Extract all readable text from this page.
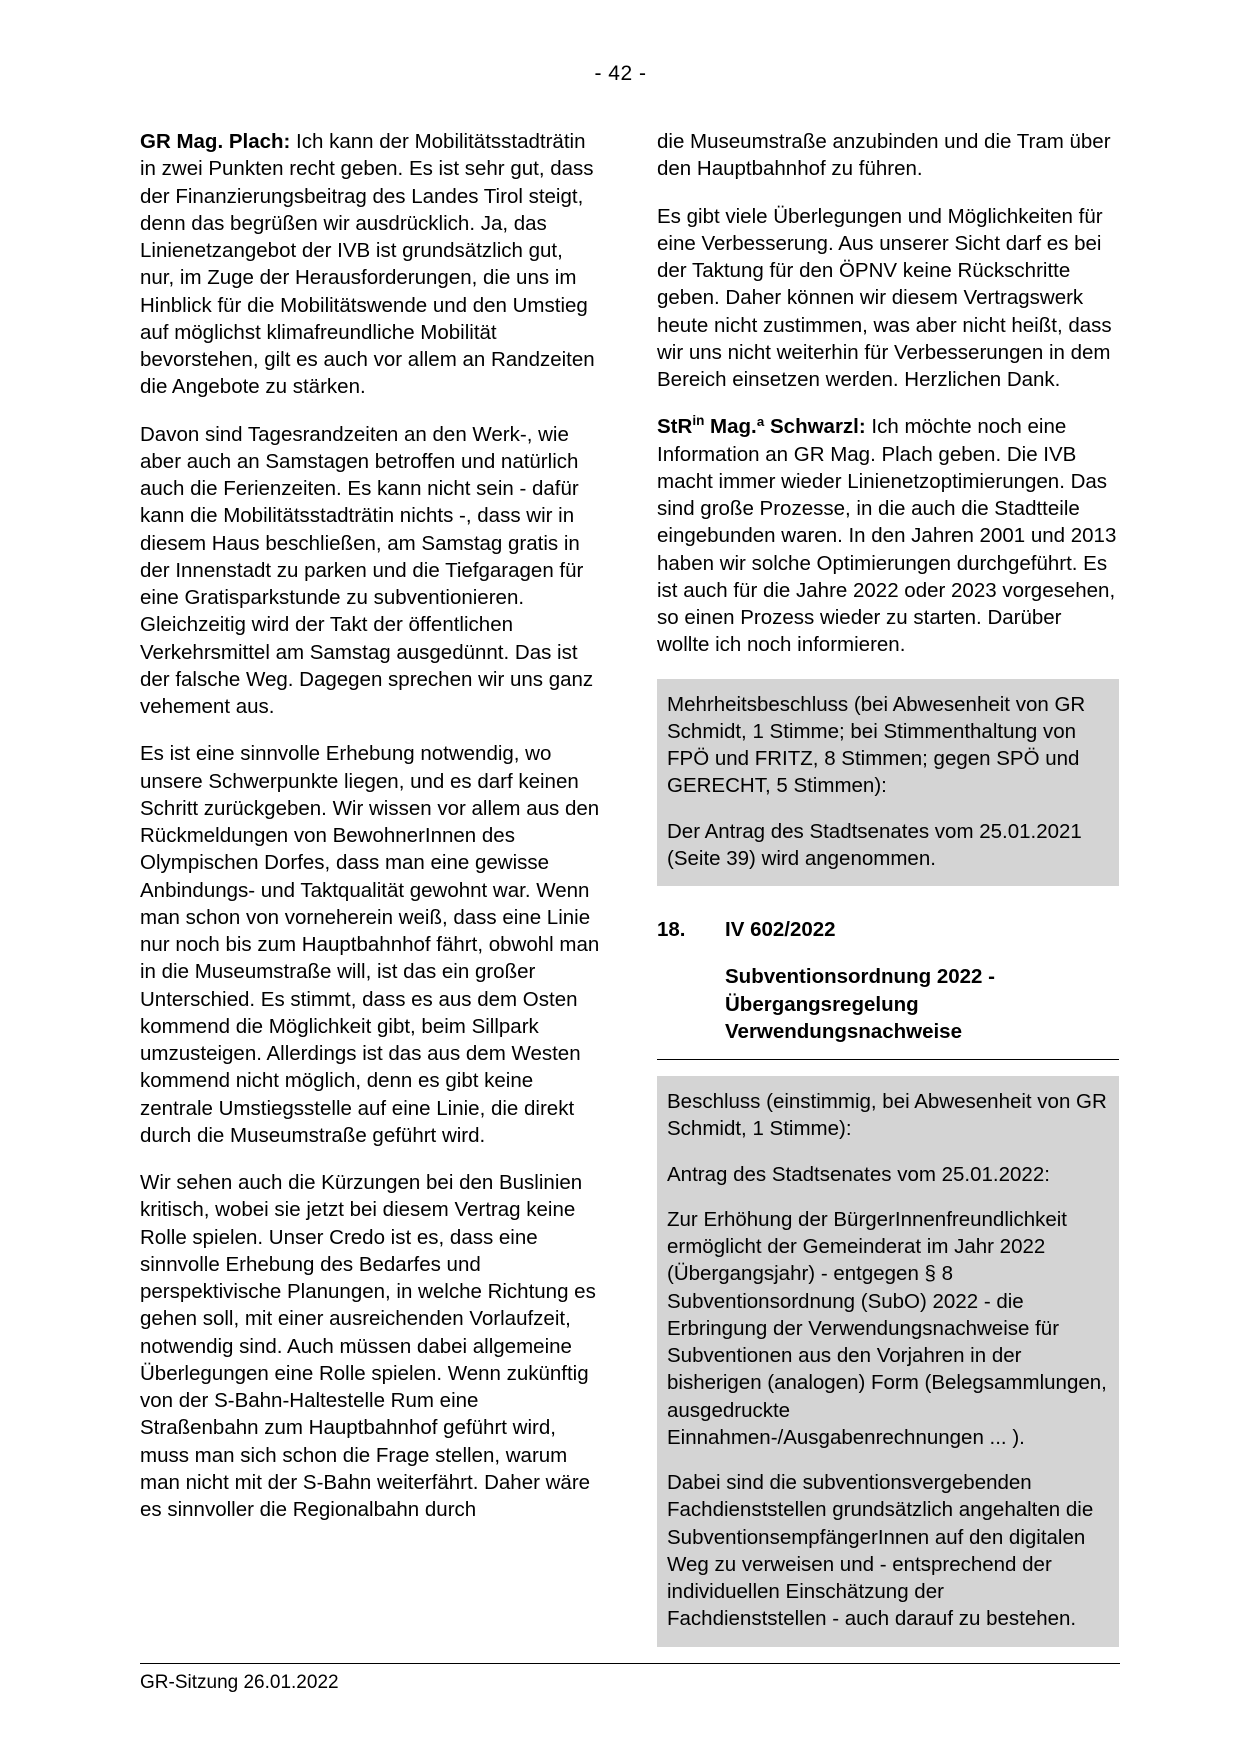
- 42 -

GR Mag. Plach: Ich kann der Mobilitätsstadträtin in zwei Punkten recht geben. Es ist sehr gut, dass der Finanzierungsbeitrag des Landes Tirol steigt, denn das begrüßen wir ausdrücklich. Ja, das Linienetzangebot der IVB ist grundsätzlich gut, nur, im Zuge der Herausforderungen, die uns im Hinblick für die Mobilitätswende und den Umstieg auf möglichst klimafreundliche Mobilität bevorstehen, gilt es auch vor allem an Randzeiten die Angebote zu stärken.

Davon sind Tagesrandzeiten an den Werk-, wie aber auch an Samstagen betroffen und natürlich auch die Ferienzeiten. Es kann nicht sein - dafür kann die Mobilitätsstadträtin nichts -, dass wir in diesem Haus beschließen, am Samstag gratis in der Innenstadt zu parken und die Tiefgaragen für eine Gratisparkstunde zu subventionieren. Gleichzeitig wird der Takt der öffentlichen Verkehrsmittel am Samstag ausgedünnt. Das ist der falsche Weg. Dagegen sprechen wir uns ganz vehement aus.

Es ist eine sinnvolle Erhebung notwendig, wo unsere Schwerpunkte liegen, und es darf keinen Schritt zurückgeben. Wir wissen vor allem aus den Rückmeldungen von BewohnerInnen des Olympischen Dorfes, dass man eine gewisse Anbindungs- und Taktqualität gewohnt war. Wenn man schon von vorneherein weiß, dass eine Linie nur noch bis zum Hauptbahnhof fährt, obwohl man in die Museumstraße will, ist das ein großer Unterschied. Es stimmt, dass es aus dem Osten kommend die Möglichkeit gibt, beim Sillpark umzusteigen. Allerdings ist das aus dem Westen kommend nicht möglich, denn es gibt keine zentrale Umstiegsstelle auf eine Linie, die direkt durch die Museumstraße geführt wird.

Wir sehen auch die Kürzungen bei den Buslinien kritisch, wobei sie jetzt bei diesem Vertrag keine Rolle spielen. Unser Credo ist es, dass eine sinnvolle Erhebung des Bedarfes und perspektivische Planungen, in welche Richtung es gehen soll, mit einer ausreichenden Vorlaufzeit, notwendig sind. Auch müssen dabei allgemeine Überlegungen eine Rolle spielen. Wenn zukünftig von der S-Bahn-Haltestelle Rum eine Straßenbahn zum Hauptbahnhof geführt wird, muss man sich schon die Frage stellen, warum man nicht mit der S-Bahn weiterfährt. Daher wäre es sinnvoller die Regionalbahn durch

die Museumstraße anzubinden und die Tram über den Hauptbahnhof zu führen.

Es gibt viele Überlegungen und Möglichkeiten für eine Verbesserung. Aus unserer Sicht darf es bei der Taktung für den ÖPNV keine Rückschritte geben. Daher können wir diesem Vertragswerk heute nicht zustimmen, was aber nicht heißt, dass wir uns nicht weiterhin für Verbesserungen in dem Bereich einsetzen werden. Herzlichen Dank.

StR$^{in}$ Mag.ª Schwarzl: Ich möchte noch eine Information an GR Mag. Plach geben. Die IVB macht immer wieder Linienetzoptimierungen. Das sind große Prozesse, in die auch die Stadtteile eingebunden waren. In den Jahren 2001 und 2013 haben wir solche Optimierungen durchgeführt. Es ist auch für die Jahre 2022 oder 2023 vorgesehen, so einen Prozess wieder zu starten. Darüber wollte ich noch informieren.

Mehrheitsbeschluss (bei Abwesenheit von GR Schmidt, 1 Stimme; bei Stimmenthaltung von FPÖ und FRITZ, 8 Stimmen; gegen SPÖ und GERECHT, 5 Stimmen):

Der Antrag des Stadtsenates vom 25.01.2021 (Seite 39) wird angenommen.

18.	IV 602/2022
Subventionsordnung 2022 - Übergangsregelung Verwendungsnachweise

Beschluss (einstimmig, bei Abwesenheit von GR Schmidt, 1 Stimme):

Antrag des Stadtsenates vom 25.01.2022:

Zur Erhöhung der BürgerInnenfreundlichkeit ermöglicht der Gemeinderat im Jahr 2022 (Übergangsjahr) - entgegen § 8 Subventionsordnung (SubO) 2022 - die Erbringung der Verwendungsnachweise für Subventionen aus den Vorjahren in der bisherigen (analogen) Form (Belegsammlungen, ausgedruckte Einnahmen-/Ausgabenrechnungen ... ).

Dabei sind die subventionsvergebenden Fachdienststellen grundsätzlich angehalten die SubventionsempfängerInnen auf den digitalen Weg zu verweisen und - entsprechend der individuellen Einschätzung der Fachdienststellen - auch darauf zu bestehen.

GR-Sitzung 26.01.2022
